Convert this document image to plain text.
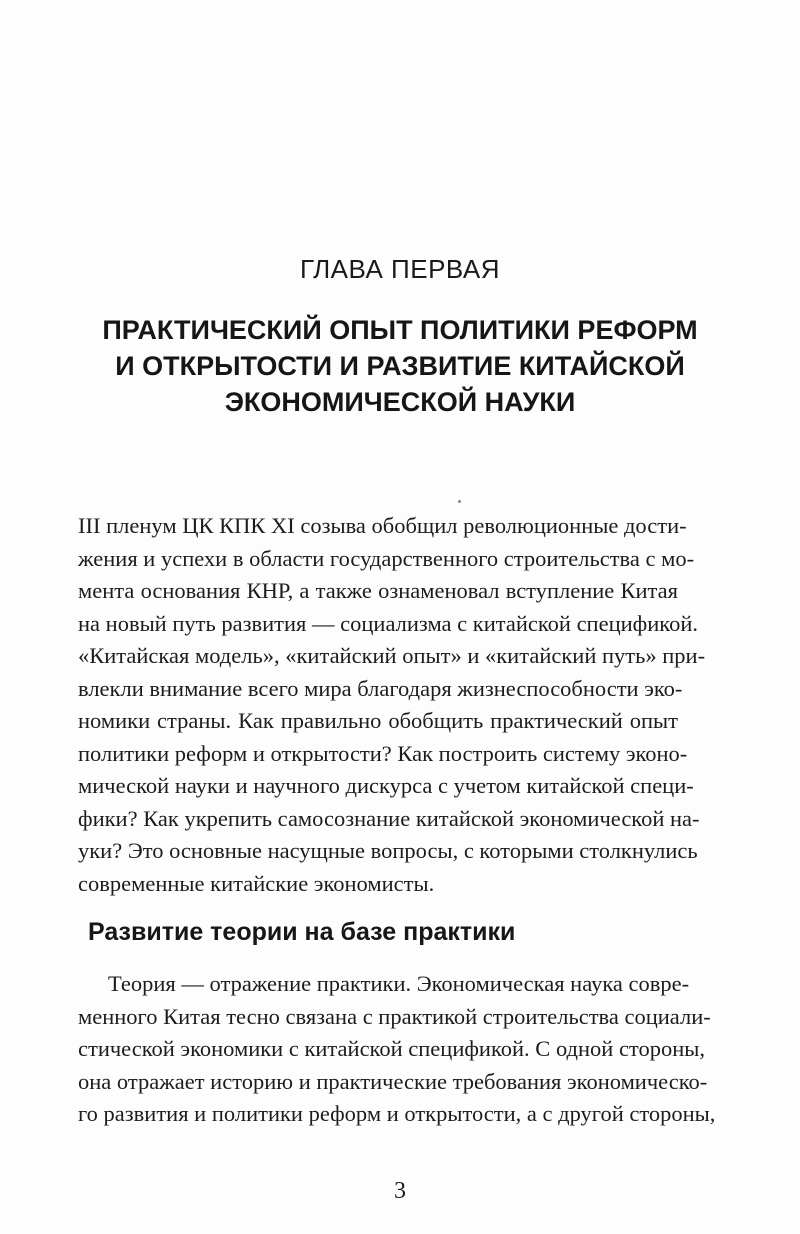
ГЛАВА ПЕРВАЯ
ПРАКТИЧЕСКИЙ ОПЫТ ПОЛИТИКИ РЕФОРМ
И ОТКРЫТОСТИ И РАЗВИТИЕ КИТАЙСКОЙ
ЭКОНОМИЧЕСКОЙ НАУКИ
III пленум ЦК КПК XI созыва обобщил революционные дости-
жения и успехи в области государственного строительства с мо-
мента основания КНР, а также ознаменовал вступление Китая
на новый путь развития — социализма с китайской спецификой.
«Китайская модель», «китайский опыт» и «китайский путь» при-
влекли внимание всего мира благодаря жизнеспособности эко-
номики страны. Как правильно обобщить практический опыт
политики реформ и открытости? Как построить систему эконо-
мической науки и научного дискурса с учетом китайской специ-
фики? Как укрепить самосознание китайской экономической на-
уки? Это основные насущные вопросы, с которыми столкнулись
современные китайские экономисты.
Развитие теории на базе практики
Теория — отражение практики. Экономическая наука совре-
менного Китая тесно связана с практикой строительства социали-
стической экономики с китайской спецификой. С одной стороны,
она отражает историю и практические требования экономическо-
го развития и политики реформ и открытости, а с другой стороны,
3
